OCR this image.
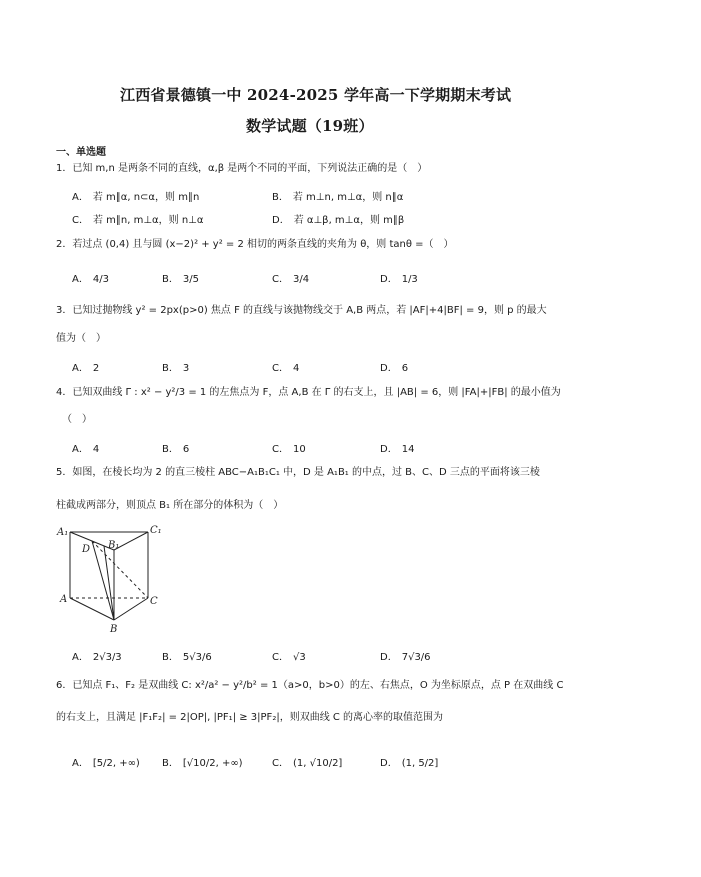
江西省景德镇一中 2024-2025 学年高一下学期期末考试
数学试题（19班）
一、单选题
1．已知 m,n 是两条不同的直线，α,β 是两个不同的平面，下列说法正确的是（　）
A． 若 m∥α, n⊂α，则 m∥n	B． 若 m⊥n, m⊥α，则 n∥α
C． 若 m∥n, m⊥α，则 n⊥α	D． 若 α⊥β, m⊥α，则 m∥β
2．若过点 (0,4) 且与圆 (x−2)² + y² = 2 相切的两条直线的夹角为 θ，则 tanθ =（　）
A． 4/3	B． 3/5	C． 3/4	D． 1/3
3．已知过抛物线 y² = 2px(p>0) 焦点 F 的直线与该抛物线交于 A,B 两点，若 |AF|+4|BF| = 9，则 p 的最大
值为（　）
A． 2	B． 3	C． 4	D． 6
4．已知双曲线 Γ : x² − y²/3 = 1 的左焦点为 F，点 A,B 在 Γ 的右支上，且 |AB| = 6，则 |FA|+|FB| 的最小值为
（　）
A． 4	B． 6	C． 10	D． 14
5．如图，在棱长均为 2 的直三棱柱 ABC−A₁B₁C₁ 中，D 是 A₁B₁ 的中点，过 B、C、D 三点的平面将该三棱
柱截成两部分，则顶点 B₁ 所在部分的体积为（　）
A₁	C₁
B₁
D
A	C
B
A． 2√3/3	B． 5√3/6	C． √3	D． 7√3/6
6．已知点 F₁、F₂ 是双曲线 C: x²/a² − y²/b² = 1（a>0，b>0）的左、右焦点，O 为坐标原点，点 P 在双曲线 C
的右支上，且满足 |F₁F₂| = 2|OP|, |PF₁| ≥ 3|PF₂|，则双曲线 C 的离心率的取值范围为
A． [5/2, +∞) B． [√10/2, +∞)	C． (1, √10/2]	D． (1, 5/2]
